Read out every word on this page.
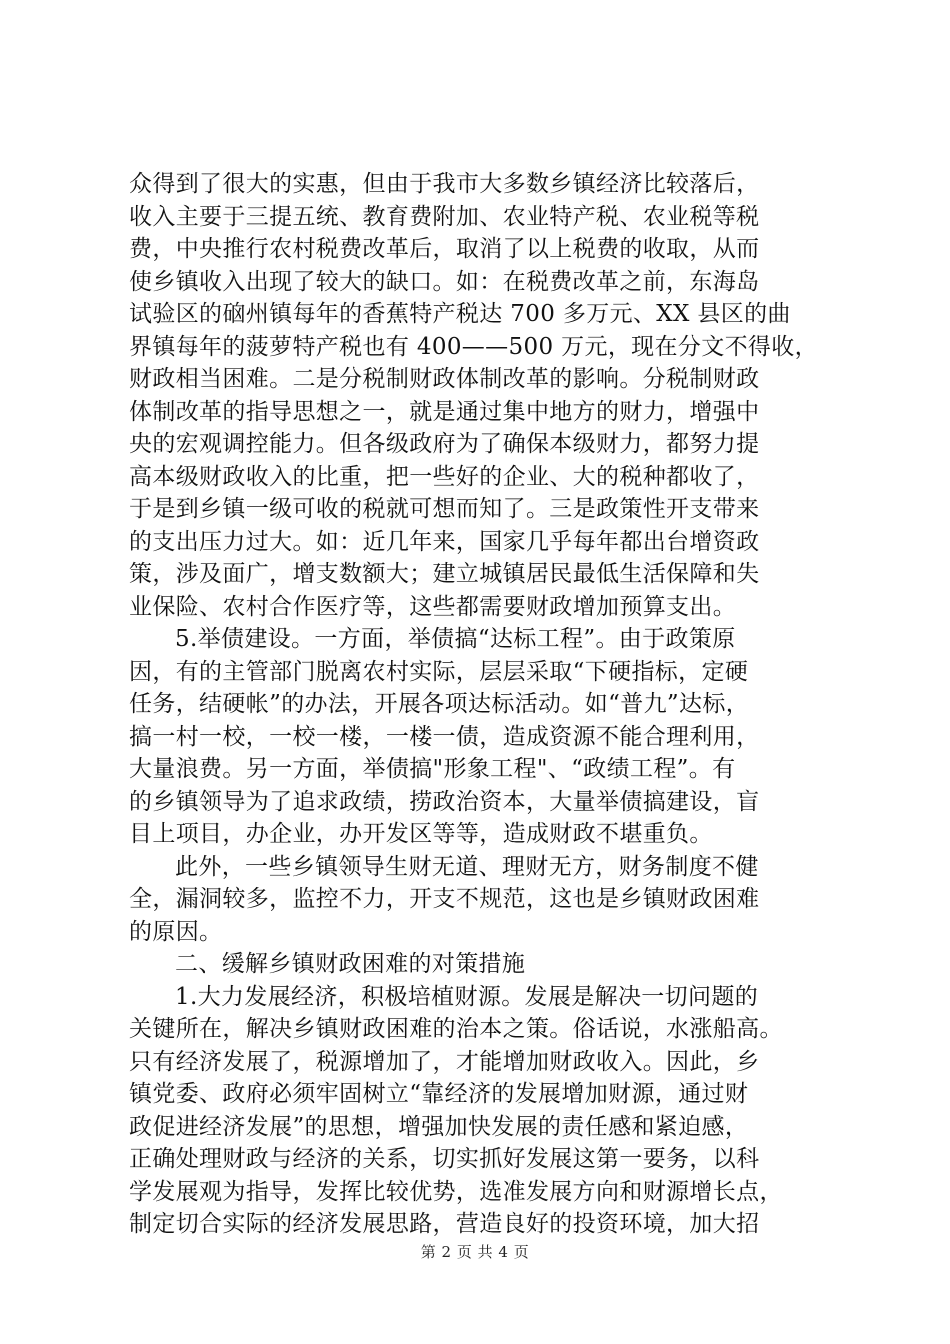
众得到了很大的实惠，但由于我市大多数乡镇经济比较落后，
收入主要于三提五统、教育费附加、农业特产税、农业税等税
费，中央推行农村税费改革后，取消了以上税费的收取，从而
使乡镇收入出现了较大的缺口。如：在税费改革之前，东海岛
试验区的硇州镇每年的香蕉特产税达 700 多万元、XX 县区的曲
界镇每年的菠萝特产税也有 400——500 万元，现在分文不得收，
财政相当困难。二是分税制财政体制改革的影响。分税制财政
体制改革的指导思想之一，就是通过集中地方的财力，增强中
央的宏观调控能力。但各级政府为了确保本级财力，都努力提
高本级财政收入的比重，把一些好的企业、大的税种都收了，
于是到乡镇一级可收的税就可想而知了。三是政策性开支带来
的支出压力过大。如：近几年来，国家几乎每年都出台增资政
策，涉及面广，增支数额大；建立城镇居民最低生活保障和失
业保险、农村合作医疗等，这些都需要财政增加预算支出。
5.举债建设。一方面，举债搞“达标工程”。由于政策原
因，有的主管部门脱离农村实际，层层采取“下硬指标，定硬
任务，结硬帐”的办法，开展各项达标活动。如“普九”达标，
搞一村一校，一校一楼，一楼一债，造成资源不能合理利用，
大量浪费。另一方面，举债搞"形象工程"、“政绩工程”。有
的乡镇领导为了追求政绩，捞政治资本，大量举债搞建设，盲
目上项目，办企业，办开发区等等，造成财政不堪重负。
此外，一些乡镇领导生财无道、理财无方，财务制度不健
全，漏洞较多，监控不力，开支不规范，这也是乡镇财政困难
的原因。
二、缓解乡镇财政困难的对策措施
1.大力发展经济，积极培植财源。发展是解决一切问题的
关键所在，解决乡镇财政困难的治本之策。俗话说，水涨船高。
只有经济发展了，税源增加了，才能增加财政收入。因此，乡
镇党委、政府必须牢固树立“靠经济的发展增加财源，通过财
政促进经济发展”的思想，增强加快发展的责任感和紧迫感，
正确处理财政与经济的关系，切实抓好发展这第一要务，以科
学发展观为指导，发挥比较优势，选准发展方向和财源增长点，
制定切合实际的经济发展思路，营造良好的投资环境，加大招
第 2 页 共 4 页
